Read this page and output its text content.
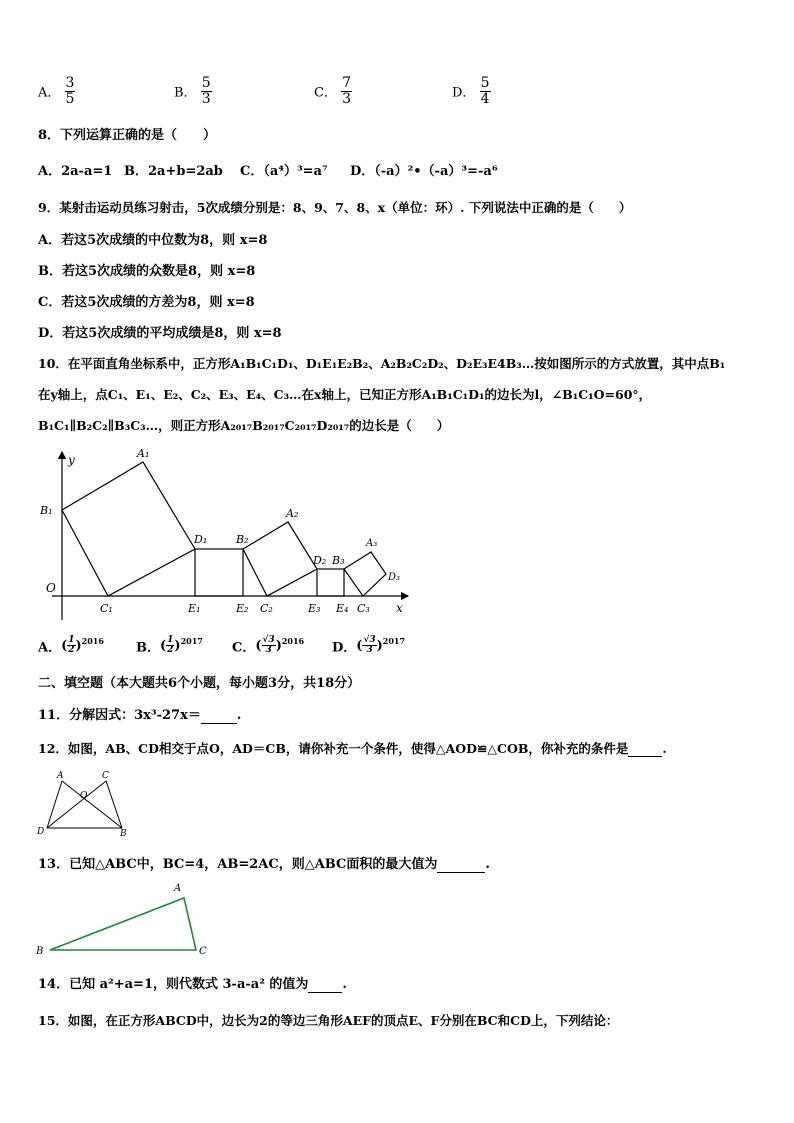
A． $\frac{3}{5}$	B． $\frac{5}{3}$	C． $\frac{7}{3}$	D． $\frac{5}{4}$
8．下列运算正确的是（　　）
A．2a-a=1 B．2a+b=2ab C．（a⁴）³=a⁷ D．（-a）²•（-a）³=-a⁶
9．某射击运动员练习射击，5次成绩分别是：8、9、7、8、x（单位：环）. 下列说法中正确的是（　　）
A．若这5次成绩的中位数为8，则 x=8
B．若这5次成绩的众数是8，则 x=8
C．若这5次成绩的方差为8，则 x=8
D．若这5次成绩的平均成绩是8，则 x=8
10．在平面直角坐标系中，正方形A₁B₁C₁D₁、D₁E₁E₂B₂、A₂B₂C₂D₂、D₂E₃E4B₃…按如图所示的方式放置，其中点B₁
在y轴上，点C₁、E₁、E₂、C₂、E₃、E₄、C₃…在x轴上，已知正方形A₁B₁C₁D₁的边长为l，∠B₁C₁O=60°，
B₁C₁∥B₂C₂∥B₃C₃…，则正方形A₂₀₁₇B₂₀₁₇C₂₀₁₇D₂₀₁₇的边长是（　　）
y
x
O
A₁
B₁
C₁
D₁
E₁	E₂
B₂
A₂
C₂
D₂ B₃
A₃
D₃
E₃ E₄ C₃
A．( $\frac{1}{2} )^{2016}$ B．( $\frac{1}{2} )^{2017}$ C．( $\frac{√3}{3} )^{2016}$ D．( $\frac{√3}{3} )^{2017}$
二、填空题（本大题共6个小题，每小题3分，共18分）
11．分解因式：3x³-27x＝	.
12．如图，AB、CD相交于点O，AD＝CB，请你补充一个条件，使得△AOD≌△COB，你补充的条件是	.
A	C
O
D	B
13．已知△ABC中，BC=4，AB=2AC，则△ABC面积的最大值为	.
A
B	C
14．已知 a²+a=1，则代数式 3-a-a² 的值为	.
15．如图，在正方形ABCD中，边长为2的等边三角形AEF的顶点E、F分别在BC和CD上，下列结论：
